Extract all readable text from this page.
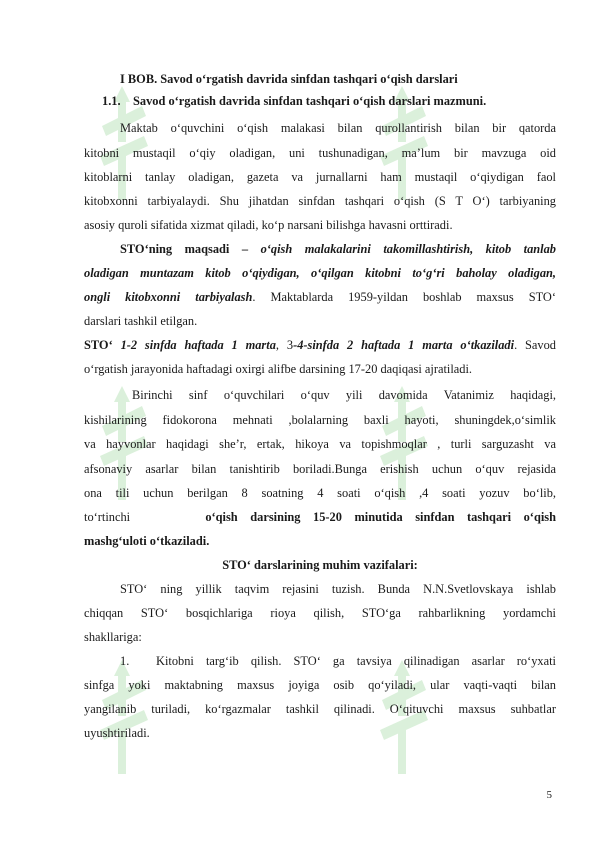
I BOB. Savod o‘rgatish davrida sinfdan tashqari o‘qish darslari
1.1. Savod o‘rgatish davrida sinfdan tashqari o‘qish darslari mazmuni.
Maktab o‘quvchini o‘qish malakasi bilan qurollantirish bilan bir qatorda
kitobni mustaqil o‘qiy oladigan, uni tushunadigan, ma’lum bir mavzuga oid
kitoblarni tanlay oladigan, gazeta va jurnallarni ham mustaqil o‘qiydigan faol
kitobxonni tarbiyalaydi. Shu jihatdan sinfdan tashqari o‘qish (S T O‘) tarbiyaning
asosiy quroli sifatida xizmat qiladi, ko‘p narsani bilishga havasni orttiradi.
STO‘ning maqsadi – o‘qish malakalarini takomillashtirish, kitob tanlab
oladigan muntazam kitob o‘qiydigan, o‘qilgan kitobni to‘g‘ri baholay oladigan,
ongli kitobxonni tarbiyalash. Maktablarda 1959-yildan boshlab maxsus STO‘
darslari tashkil etilgan.
STO‘ 1-2 sinfda haftada 1 marta, 3-4-sinfda 2 haftada 1 marta o‘tkaziladi. Savod
o‘rgatish jarayonida haftadagi oxirgi alifbe darsining 17-20 daqiqasi ajratiladi.
Birinchi sinf o‘quvchilari o‘quv yili davomida Vatanimiz haqidagi,
kishilarining fidokorona mehnati ,bolalarning baxli hayoti, shuningdek,o‘simlik
va hayvonlar haqidagi she’r, ertak, hikoya va topishmoqlar , turli sarguzasht va
afsonaviy asarlar bilan tanishtirib boriladi.Bunga erishish uchun o‘quv rejasida
ona tili uchun berilgan 8 soatning 4 soati o‘qish ,4 soati yozuv bo‘lib,
to‘rtinchi	o‘qish darsining 15-20 minutida sinfdan tashqari o‘qish
mashg‘uloti o‘tkaziladi.
STO‘ darslarining muhim vazifalari:
STO‘ ning yillik taqvim rejasini tuzish. Bunda N.N.Svetlovskaya ishlab
chiqqan STO‘ bosqichlariga rioya qilish, STO‘ga rahbarlikning yordamchi
shakllariga:
1. Kitobni targ‘ib qilish. STO‘ ga tavsiya qilinadigan asarlar ro‘yxati
sinfga yoki maktabning maxsus joyiga osib qo‘yiladi, ular vaqti-vaqti bilan
yangilanib turiladi, ko‘rgazmalar tashkil qilinadi. O‘qituvchi maxsus suhbatlar
uyushtiriladi.
5
